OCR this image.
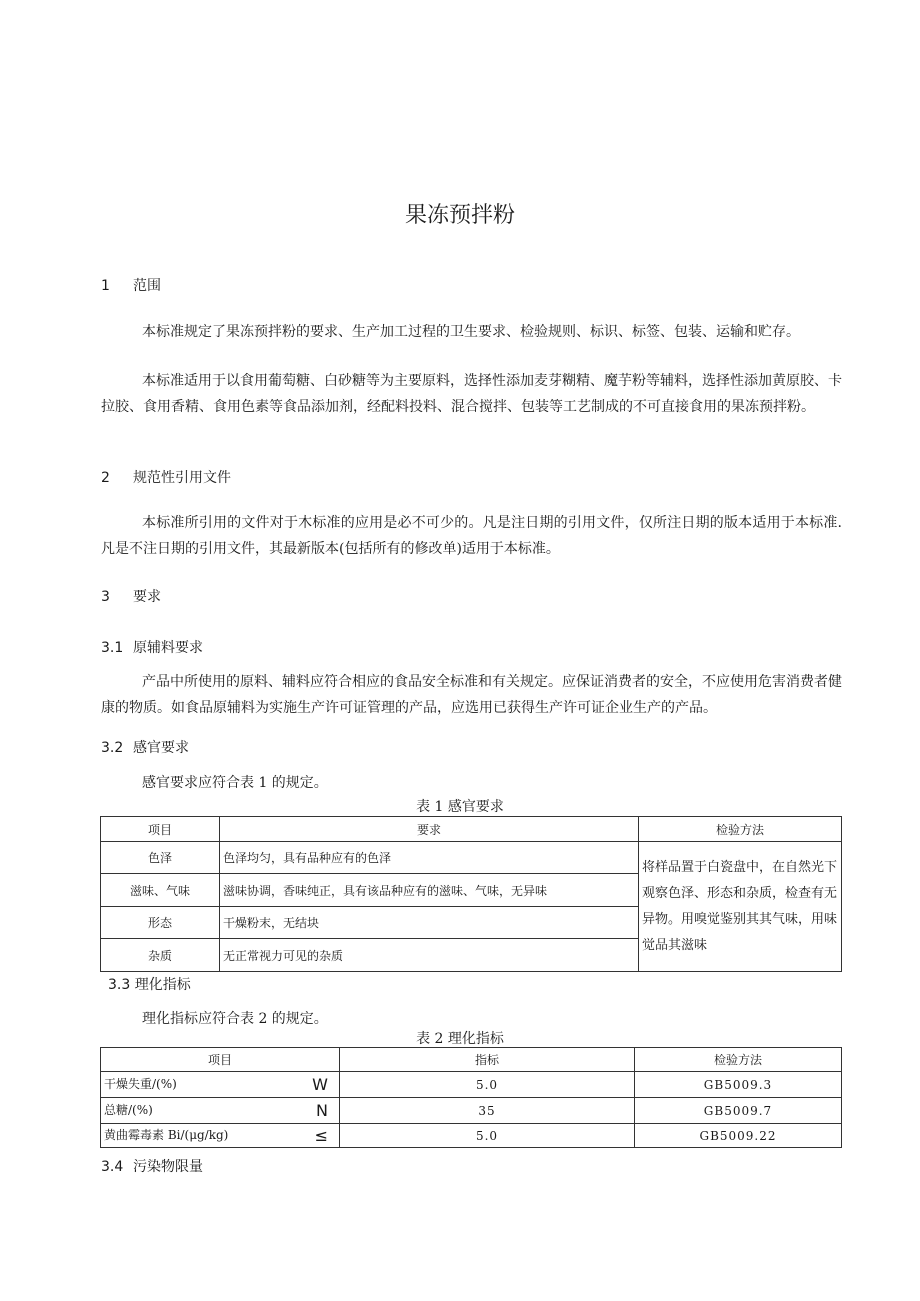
果冻预拌粉
1 范围
本标准规定了果冻预拌粉的要求、生产加工过程的卫生要求、检验规则、标识、标签、包装、运输和贮存。
本标准适用于以食用葡萄糖、白砂糖等为主要原料，选择性添加麦芽糊精、魔芋粉等辅料，选择性添加黄原胶、卡拉胶、食用香精、食用色素等食品添加剂，经配料投料、混合搅拌、包装等工艺制成的不可直接食用的果冻预拌粉。
2 规范性引用文件
本标准所引用的文件对于木标准的应用是必不可少的。凡是注日期的引用文件，仅所注日期的版本适用于本标准.凡是不注日期的引用文件，其最新版本(包括所有的修改单)适用于本标准。
3 要求
3.1 原辅料要求
产品中所使用的原料、辅料应符合相应的食品安全标准和有关规定。应保证消费者的安全，不应使用危害消费者健康的物质。如食品原辅料为实施生产许可证管理的产品，应选用已获得生产许可证企业生产的产品。
3.2 感官要求
感官要求应符合表 1 的规定。
表 1 感官要求
项目	要求	检验方法
色泽	色泽均匀，具有品种应有的色泽	将样品置于白瓷盘中，在自然光下观察色泽、形态和杂质，检查有无异物。用嗅觉鉴别其其气味，用味觉品其滋味
滋味、气味	滋味协调，香味纯正，具有该品种应有的滋味、气味，无异味	
形态	干燥粉末，无结块	
杂质	无正常视力可见的杂质	
3.3 理化指标
理化指标应符合表 2 的规定。
表 2 理化指标
项目	指标	检验方法
干燥失重/(%) W	5.0	GB5009.3
总糖/(%) N	35	GB5009.7
黄曲霉毒素 Bi/(μg/kg) ≤	5.0	GB5009.22
3.4 污染物限量
